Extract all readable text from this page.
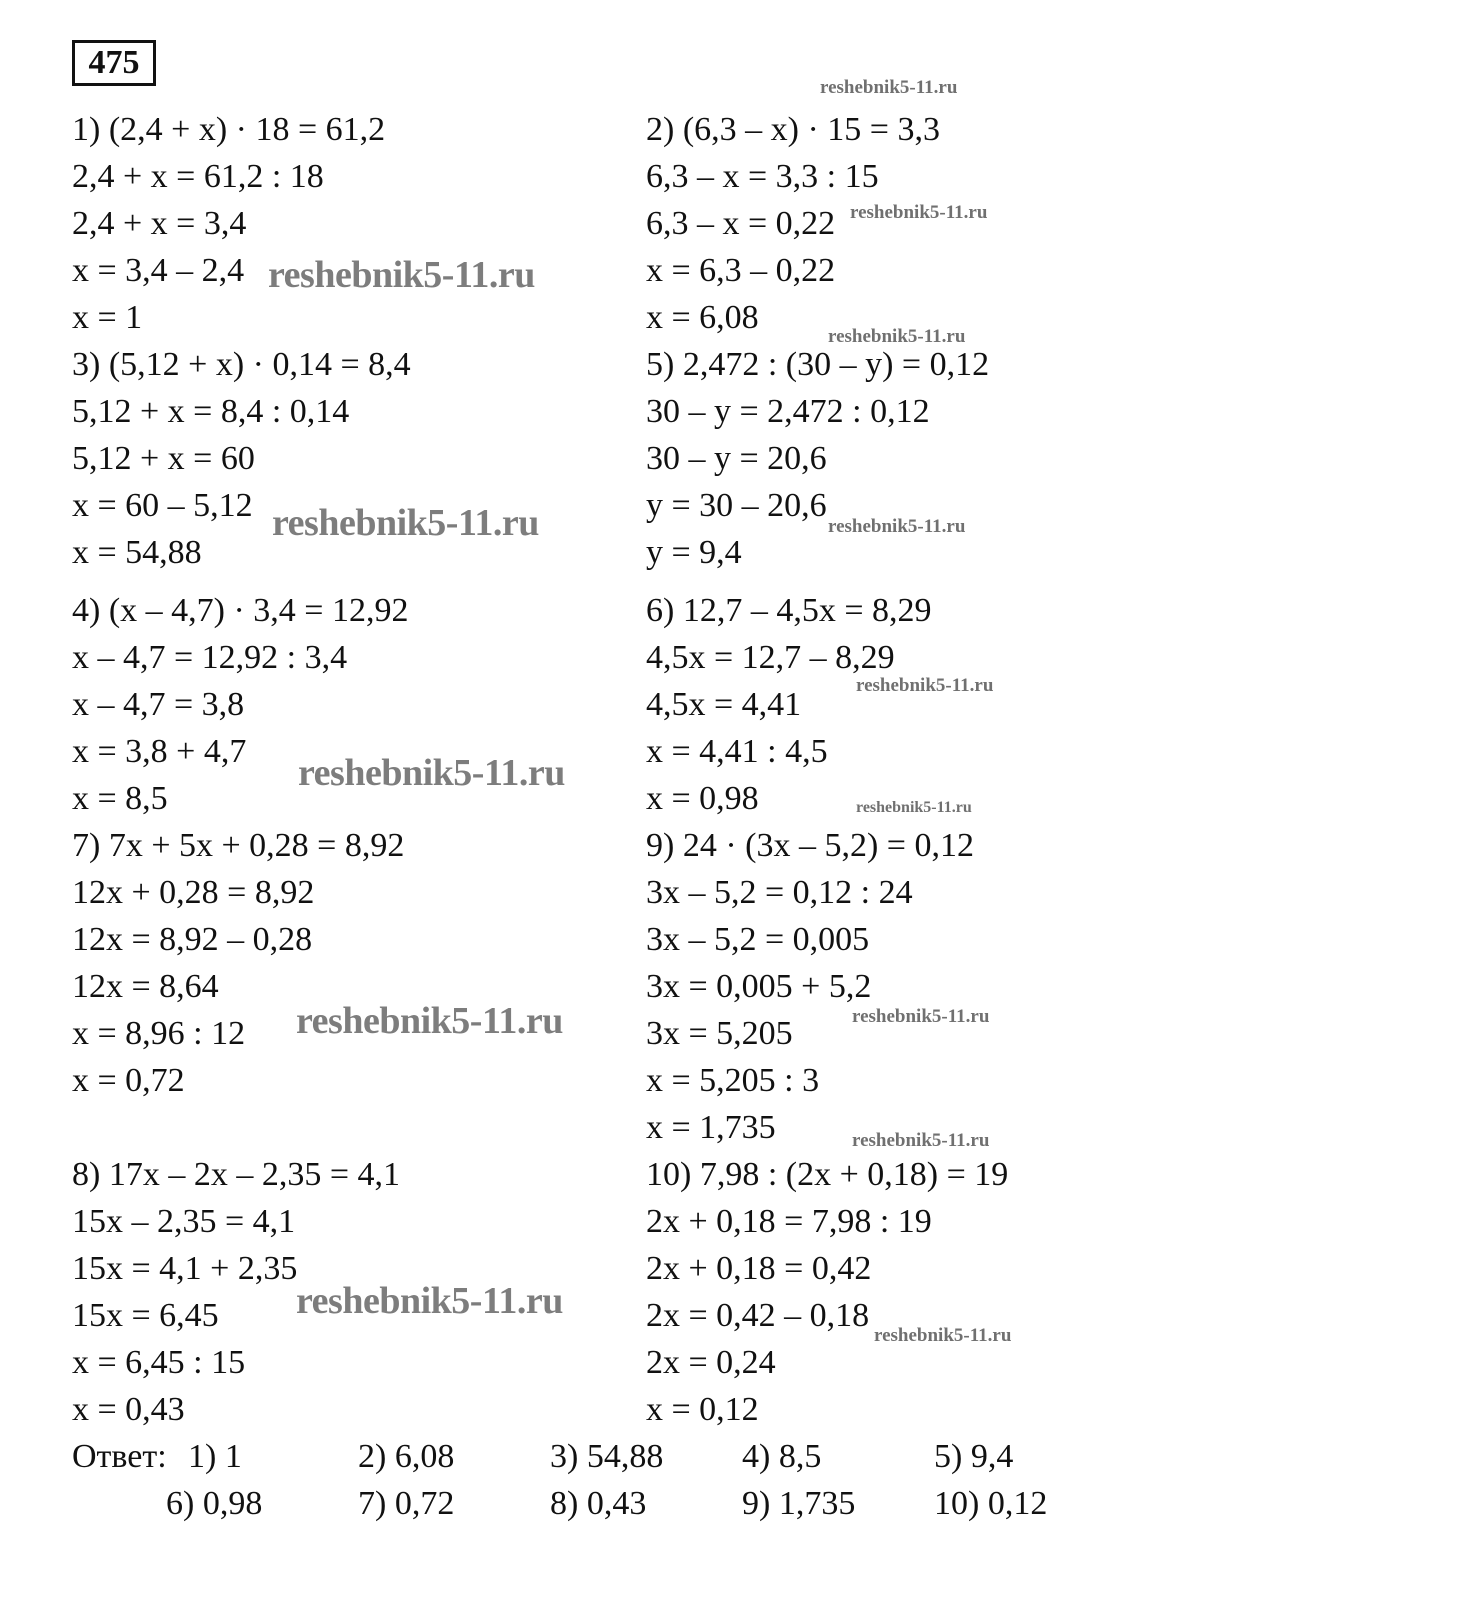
475
1) (2,4 + x) · 18 = 61,2
2,4 + x = 61,2 : 18
2,4 + x = 3,4
x = 3,4 – 2,4
x = 1
3) (5,12 + x) · 0,14 = 8,4
5,12 + x = 8,4 : 0,14
5,12 + x = 60
x = 60 – 5,12
x = 54,88
4) (x – 4,7) · 3,4 = 12,92
x – 4,7 = 12,92 : 3,4
x – 4,7 = 3,8
x = 3,8 + 4,7
x = 8,5
7) 7x + 5x + 0,28 = 8,92
12x + 0,28 = 8,92
12x = 8,92 – 0,28
12x = 8,64
x = 8,96 : 12
x = 0,72
8) 17x – 2x – 2,35 = 4,1
15x – 2,35 = 4,1
15x = 4,1 + 2,35
15x = 6,45
x = 6,45 : 15
x = 0,43
2) (6,3 – x) · 15 = 3,3
6,3 – x = 3,3 : 15
6,3 – x = 0,22
x = 6,3 – 0,22
x = 6,08
5) 2,472 : (30 – y) = 0,12
30 – y = 2,472 : 0,12
30 – y = 20,6
y = 30 – 20,6
y = 9,4
6) 12,7 – 4,5x = 8,29
4,5x = 12,7 – 8,29
4,5x = 4,41
x = 4,41 : 4,5
x = 0,98
9) 24 · (3x – 5,2) = 0,12
3x – 5,2 = 0,12 : 24
3x – 5,2 = 0,005
3x = 0,005 + 5,2
3x = 5,205
x = 5,205 : 3
x = 1,735
10) 7,98 : (2x + 0,18) = 19
2x + 0,18 = 7,98 : 19
2x + 0,18 = 0,42
2x = 0,42 – 0,18
2x = 0,24
x = 0,12
reshebnik5-11.ru
reshebnik5-11.ru
reshebnik5-11.ru
reshebnik5-11.ru
reshebnik5-11.ru	reshebnik5-11.ru
reshebnik5-11.ru
reshebnik5-11.ru
reshebnik5-11.ru
reshebnik5-11.ru	reshebnik5-11.ru
reshebnik5-11.ru
reshebnik5-11.ru
reshebnik5-11.ru
Ответ: 1) 1	2) 6,08	3) 54,88 4) 8,5	5) 9,4
6) 0,98	7) 0,72	8) 0,43	9) 1,735 10) 0,12
